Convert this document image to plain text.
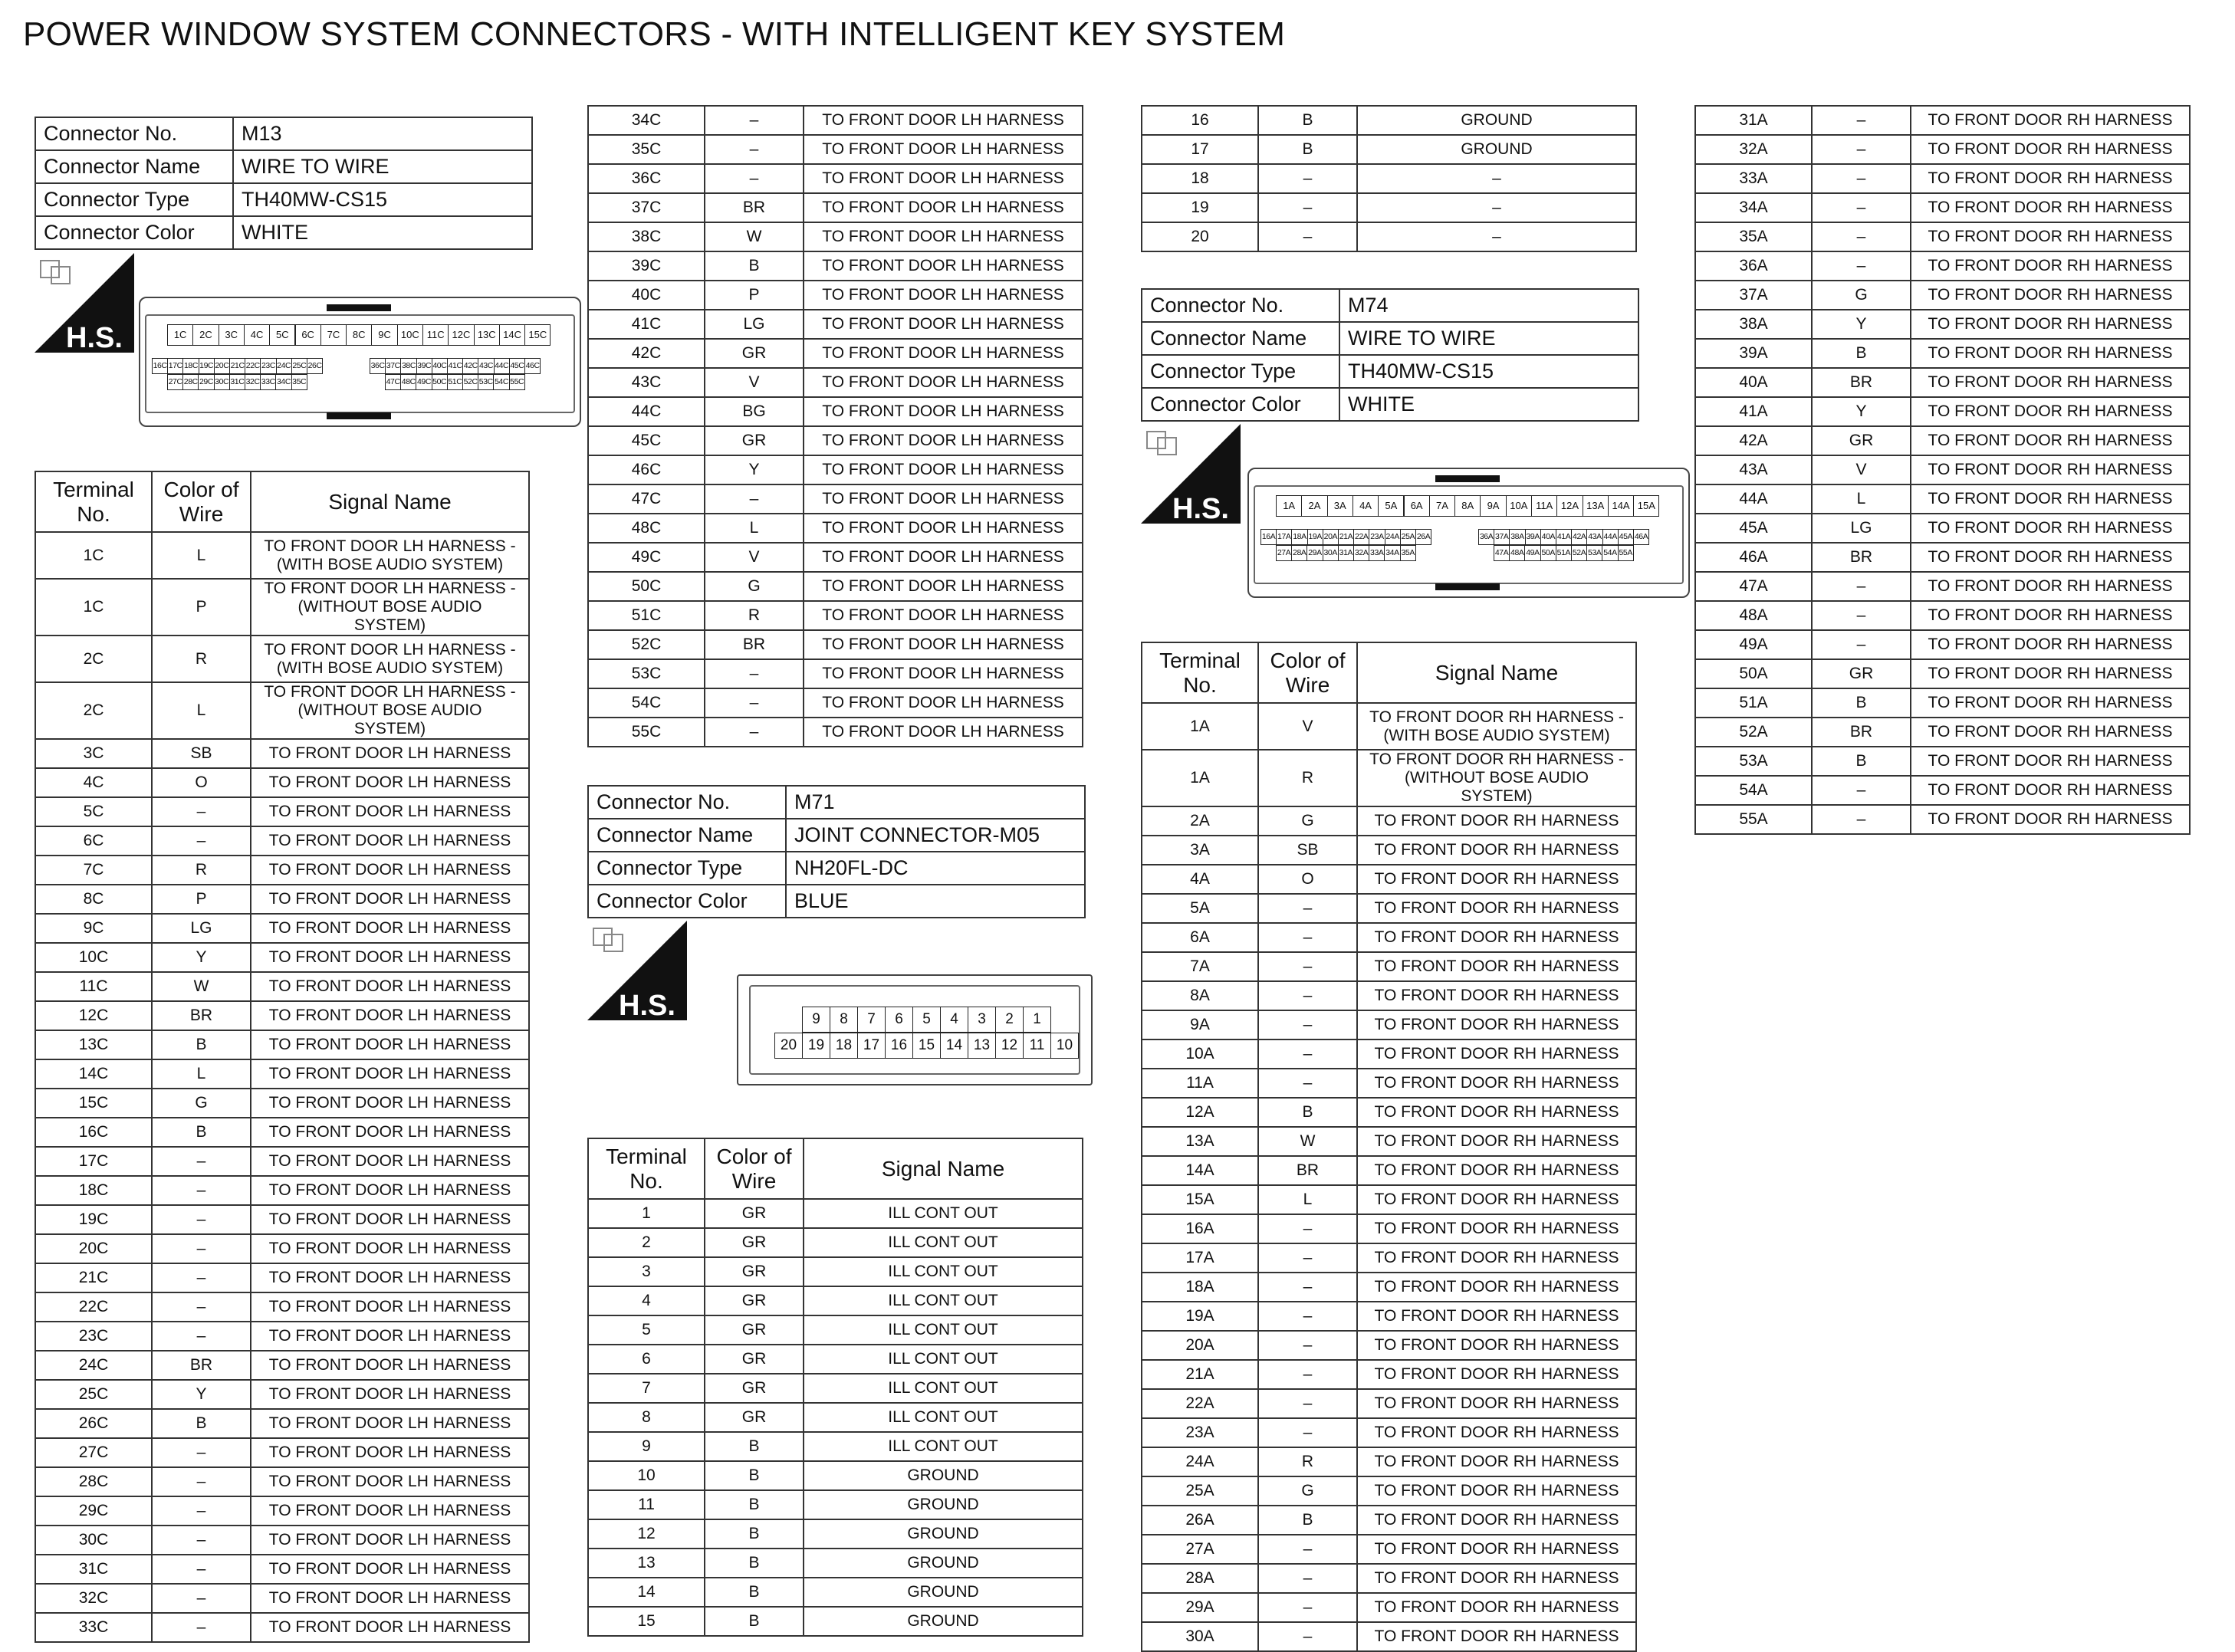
POWER WINDOW SYSTEM CONNECTORS - WITH INTELLIGENT KEY SYSTEM
Connector No.	M13
Connector Name	WIRE TO WIRE
Connector Type	TH40MW-CS15
Connector Color	WHITE
H.S.	1C	2C	3C	4C	5C	6C	7C	8C	9C	10C 11C 12C 13C 14C 15C
16C 17C 18C 19C 20C 21C 22C 23C 24C 25C 26C	36C 37C 38C 39C 40C 41C 42C 43C 44C 45C 46C
27C 28C 29C 30C 31C 32C 33C 34C 35C	47C 48C 49C 50C 51C 52C 53C 54C 55C
Terminal No.	Color of Wire	Signal Name
1C	L	TO FRONT DOOR LH HARNESS - (WITH BOSE AUDIO SYSTEM)
1C	P	TO FRONT DOOR LH HARNESS - (WITHOUT BOSE AUDIO SYSTEM)
2C	R	TO FRONT DOOR LH HARNESS - (WITH BOSE AUDIO SYSTEM)
2C	L	TO FRONT DOOR LH HARNESS - (WITHOUT BOSE AUDIO SYSTEM)
3C	SB	TO FRONT DOOR LH HARNESS
4C	O	TO FRONT DOOR LH HARNESS
5C	–	TO FRONT DOOR LH HARNESS
6C	–	TO FRONT DOOR LH HARNESS
7C	R	TO FRONT DOOR LH HARNESS
8C	P	TO FRONT DOOR LH HARNESS
9C	LG	TO FRONT DOOR LH HARNESS
10C	Y	TO FRONT DOOR LH HARNESS
11C	W	TO FRONT DOOR LH HARNESS
12C	BR	TO FRONT DOOR LH HARNESS
13C	B	TO FRONT DOOR LH HARNESS
14C	L	TO FRONT DOOR LH HARNESS
15C	G	TO FRONT DOOR LH HARNESS
16C	B	TO FRONT DOOR LH HARNESS
17C	–	TO FRONT DOOR LH HARNESS
18C	–	TO FRONT DOOR LH HARNESS
19C	–	TO FRONT DOOR LH HARNESS
20C	–	TO FRONT DOOR LH HARNESS
21C	–	TO FRONT DOOR LH HARNESS
22C	–	TO FRONT DOOR LH HARNESS
23C	–	TO FRONT DOOR LH HARNESS
24C	BR	TO FRONT DOOR LH HARNESS
25C	Y	TO FRONT DOOR LH HARNESS
26C	B	TO FRONT DOOR LH HARNESS
27C	–	TO FRONT DOOR LH HARNESS
28C	–	TO FRONT DOOR LH HARNESS
29C	–	TO FRONT DOOR LH HARNESS
30C	–	TO FRONT DOOR LH HARNESS
31C	–	TO FRONT DOOR LH HARNESS
32C	–	TO FRONT DOOR LH HARNESS
33C	–	TO FRONT DOOR LH HARNESS
34C	–	TO FRONT DOOR LH HARNESS
35C	–	TO FRONT DOOR LH HARNESS
36C	–	TO FRONT DOOR LH HARNESS
37C	BR	TO FRONT DOOR LH HARNESS
38C	W	TO FRONT DOOR LH HARNESS
39C	B	TO FRONT DOOR LH HARNESS
40C	P	TO FRONT DOOR LH HARNESS
41C	LG	TO FRONT DOOR LH HARNESS
42C	GR	TO FRONT DOOR LH HARNESS
43C	V	TO FRONT DOOR LH HARNESS
44C	BG	TO FRONT DOOR LH HARNESS
45C	GR	TO FRONT DOOR LH HARNESS
46C	Y	TO FRONT DOOR LH HARNESS
47C	–	TO FRONT DOOR LH HARNESS
48C	L	TO FRONT DOOR LH HARNESS
49C	V	TO FRONT DOOR LH HARNESS
50C	G	TO FRONT DOOR LH HARNESS
51C	R	TO FRONT DOOR LH HARNESS
52C	BR	TO FRONT DOOR LH HARNESS
53C	–	TO FRONT DOOR LH HARNESS
54C	–	TO FRONT DOOR LH HARNESS
55C	–	TO FRONT DOOR LH HARNESS
Connector No.	M71
Connector Name	JOINT CONNECTOR-M05
Connector Type	NH20FL-DC
Connector Color	BLUE
H.S.	9	8	7	6	5	4	3	2	1
20 19 18 17 16 15 14 13 12 11 10
Terminal No.	Color of Wire	Signal Name
1	GR	ILL CONT OUT
2	GR	ILL CONT OUT
3	GR	ILL CONT OUT
4	GR	ILL CONT OUT
5	GR	ILL CONT OUT
6	GR	ILL CONT OUT
7	GR	ILL CONT OUT
8	GR	ILL CONT OUT
9	B	ILL CONT OUT
10	B	GROUND
11	B	GROUND
12	B	GROUND
13	B	GROUND
14	B	GROUND
15	B	GROUND
16	B	GROUND
17	B	GROUND
18	–	–
19	–	–
20	–	–
Connector No.	M74
Connector Name	WIRE TO WIRE
Connector Type	TH40MW-CS15
Connector Color	WHITE
H.S.	1A	2A	3A	4A	5A	6A	7A	8A	9A	10A 11A 12A 13A 14A 15A
16A 17A 18A 19A 20A 21A 22A 23A 24A 25A 26A	36A 37A 38A 39A 40A 41A 42A 43A 44A 45A 46A
27A 28A 29A 30A 31A 32A 33A 34A 35A	47A 48A 49A 50A 51A 52A 53A 54A 55A
Terminal No.	Color of Wire	Signal Name
1A	V	TO FRONT DOOR RH HARNESS - (WITH BOSE AUDIO SYSTEM)
1A	R	TO FRONT DOOR RH HARNESS - (WITHOUT BOSE AUDIO SYSTEM)
2A	G	TO FRONT DOOR RH HARNESS
3A	SB	TO FRONT DOOR RH HARNESS
4A	O	TO FRONT DOOR RH HARNESS
5A	–	TO FRONT DOOR RH HARNESS
6A	–	TO FRONT DOOR RH HARNESS
7A	–	TO FRONT DOOR RH HARNESS
8A	–	TO FRONT DOOR RH HARNESS
9A	–	TO FRONT DOOR RH HARNESS
10A	–	TO FRONT DOOR RH HARNESS
11A	–	TO FRONT DOOR RH HARNESS
12A	B	TO FRONT DOOR RH HARNESS
13A	W	TO FRONT DOOR RH HARNESS
14A	BR	TO FRONT DOOR RH HARNESS
15A	L	TO FRONT DOOR RH HARNESS
16A	–	TO FRONT DOOR RH HARNESS
17A	–	TO FRONT DOOR RH HARNESS
18A	–	TO FRONT DOOR RH HARNESS
19A	–	TO FRONT DOOR RH HARNESS
20A	–	TO FRONT DOOR RH HARNESS
21A	–	TO FRONT DOOR RH HARNESS
22A	–	TO FRONT DOOR RH HARNESS
23A	–	TO FRONT DOOR RH HARNESS
24A	R	TO FRONT DOOR RH HARNESS
25A	G	TO FRONT DOOR RH HARNESS
26A	B	TO FRONT DOOR RH HARNESS
27A	–	TO FRONT DOOR RH HARNESS
28A	–	TO FRONT DOOR RH HARNESS
29A	–	TO FRONT DOOR RH HARNESS
30A	–	TO FRONT DOOR RH HARNESS
31A	–	TO FRONT DOOR RH HARNESS
32A	–	TO FRONT DOOR RH HARNESS
33A	–	TO FRONT DOOR RH HARNESS
34A	–	TO FRONT DOOR RH HARNESS
35A	–	TO FRONT DOOR RH HARNESS
36A	–	TO FRONT DOOR RH HARNESS
37A	G	TO FRONT DOOR RH HARNESS
38A	Y	TO FRONT DOOR RH HARNESS
39A	B	TO FRONT DOOR RH HARNESS
40A	BR	TO FRONT DOOR RH HARNESS
41A	Y	TO FRONT DOOR RH HARNESS
42A	GR	TO FRONT DOOR RH HARNESS
43A	V	TO FRONT DOOR RH HARNESS
44A	L	TO FRONT DOOR RH HARNESS
45A	LG	TO FRONT DOOR RH HARNESS
46A	BR	TO FRONT DOOR RH HARNESS
47A	–	TO FRONT DOOR RH HARNESS
48A	–	TO FRONT DOOR RH HARNESS
49A	–	TO FRONT DOOR RH HARNESS
50A	GR	TO FRONT DOOR RH HARNESS
51A	B	TO FRONT DOOR RH HARNESS
52A	BR	TO FRONT DOOR RH HARNESS
53A	B	TO FRONT DOOR RH HARNESS
54A	–	TO FRONT DOOR RH HARNESS
55A	–	TO FRONT DOOR RH HARNESS
